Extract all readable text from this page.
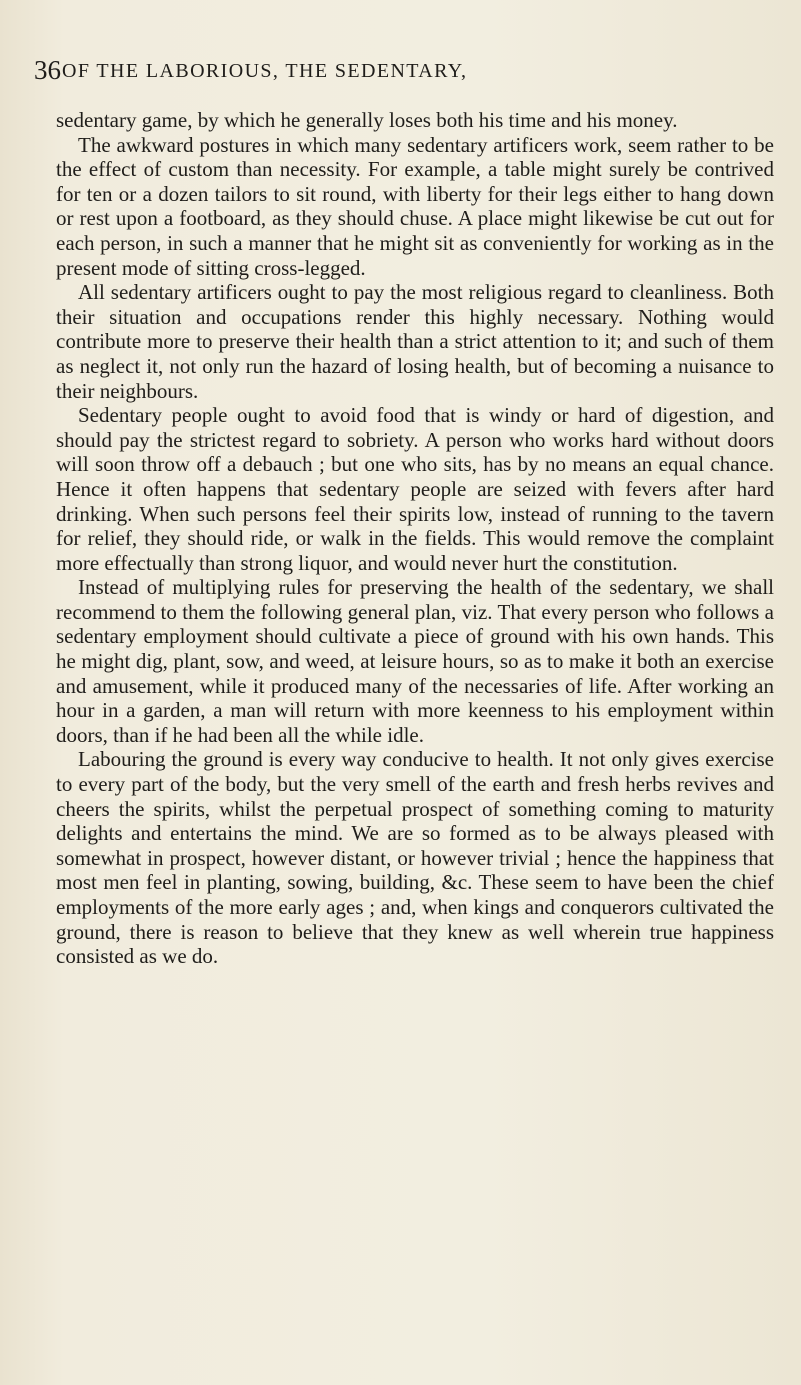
36 OF THE LABORIOUS, THE SEDENTARY,

sedentary game, by which he generally loses both his time and his money.

The awkward postures in which many sedentary artificers work, seem rather to be the effect of custom than necessity. For example, a table might surely be contrived for ten or a dozen tailors to sit round, with liberty for their legs either to hang down or rest upon a footboard, as they should chuse. A place might likewise be cut out for each person, in such a manner that he might sit as conveniently for working as in the present mode of sitting cross-legged.

All sedentary artificers ought to pay the most religious regard to cleanliness. Both their situation and occupations render this highly necessary. Nothing would contribute more to preserve their health than a strict attention to it; and such of them as neglect it, not only run the hazard of losing health, but of becoming a nuisance to their neighbours.

Sedentary people ought to avoid food that is windy or hard of digestion, and should pay the strictest regard to sobriety. A person who works hard without doors will soon throw off a debauch ; but one who sits, has by no means an equal chance. Hence it often happens that sedentary people are seized with fevers after hard drinking. When such persons feel their spirits low, instead of running to the tavern for relief, they should ride, or walk in the fields. This would remove the complaint more effectually than strong liquor, and would never hurt the constitution.

Instead of multiplying rules for preserving the health of the sedentary, we shall recommend to them the following general plan, viz. That every person who follows a sedentary employment should cultivate a piece of ground with his own hands. This he might dig, plant, sow, and weed, at leisure hours, so as to make it both an exercise and amusement, while it produced many of the necessaries of life. After working an hour in a garden, a man will return with more keenness to his employment within doors, than if he had been all the while idle.

Labouring the ground is every way conducive to health. It not only gives exercise to every part of the body, but the very smell of the earth and fresh herbs revives and cheers the spirits, whilst the perpetual prospect of something coming to maturity delights and entertains the mind. We are so formed as to be always pleased with somewhat in prospect, however distant, or however trivial ; hence the happiness that most men feel in planting, sowing, building, &c. These seem to have been the chief employments of the more early ages ; and, when kings and conquerors cultivated the ground, there is reason to believe that they knew as well wherein true happiness consisted as we do.
